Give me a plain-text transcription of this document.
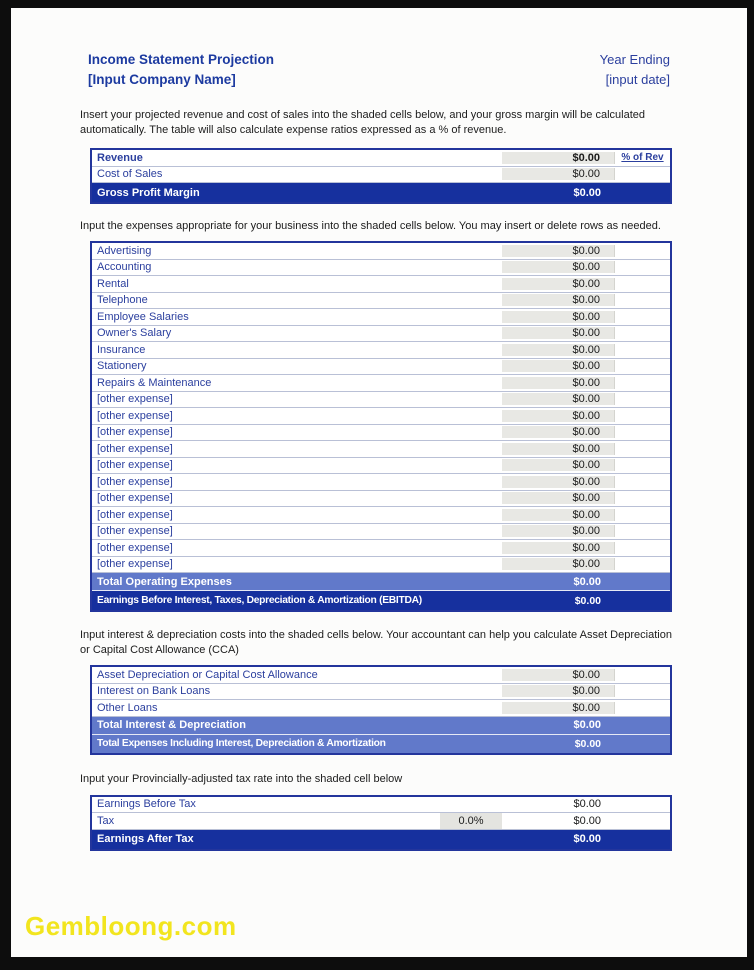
Income Statement Projection
[Input Company Name]
Year Ending
[input date]
Insert your projected revenue and cost of sales into the shaded cells below, and your gross margin will be calculated automatically. The table will also calculate expense ratios expressed as a % of revenue.
Revenue	$0.00	% of Rev
Cost of Sales	$0.00
Gross Profit Margin	$0.00
Input the expenses appropriate for your business into the shaded cells below. You may insert or delete rows as needed.
Advertising	$0.00
Accounting	$0.00
Rental	$0.00
Telephone	$0.00
Employee Salaries	$0.00
Owner's Salary	$0.00
Insurance	$0.00
Stationery	$0.00
Repairs & Maintenance	$0.00
[other expense]	$0.00
[other expense]	$0.00
[other expense]	$0.00
[other expense]	$0.00
[other expense]	$0.00
[other expense]	$0.00
[other expense]	$0.00
[other expense]	$0.00
[other expense]	$0.00
[other expense]	$0.00
[other expense]	$0.00
Total Operating Expenses	$0.00
Earnings Before Interest, Taxes, Depreciation & Amortization (EBITDA)	$0.00
Input interest & depreciation costs into the shaded cells below. Your accountant can help you calculate Asset Depreciation or Capital Cost Allowance (CCA)
Asset Depreciation or Capital Cost Allowance	$0.00
Interest on Bank Loans	$0.00
Other Loans	$0.00
Total Interest & Depreciation	$0.00
Total Expenses Including Interest, Depreciation & Amortization	$0.00
Input your Provincially-adjusted tax rate into the shaded cell below
Earnings Before Tax	$0.00
Tax	0.0%	$0.00
Earnings After Tax	$0.00
Gembloong.com
